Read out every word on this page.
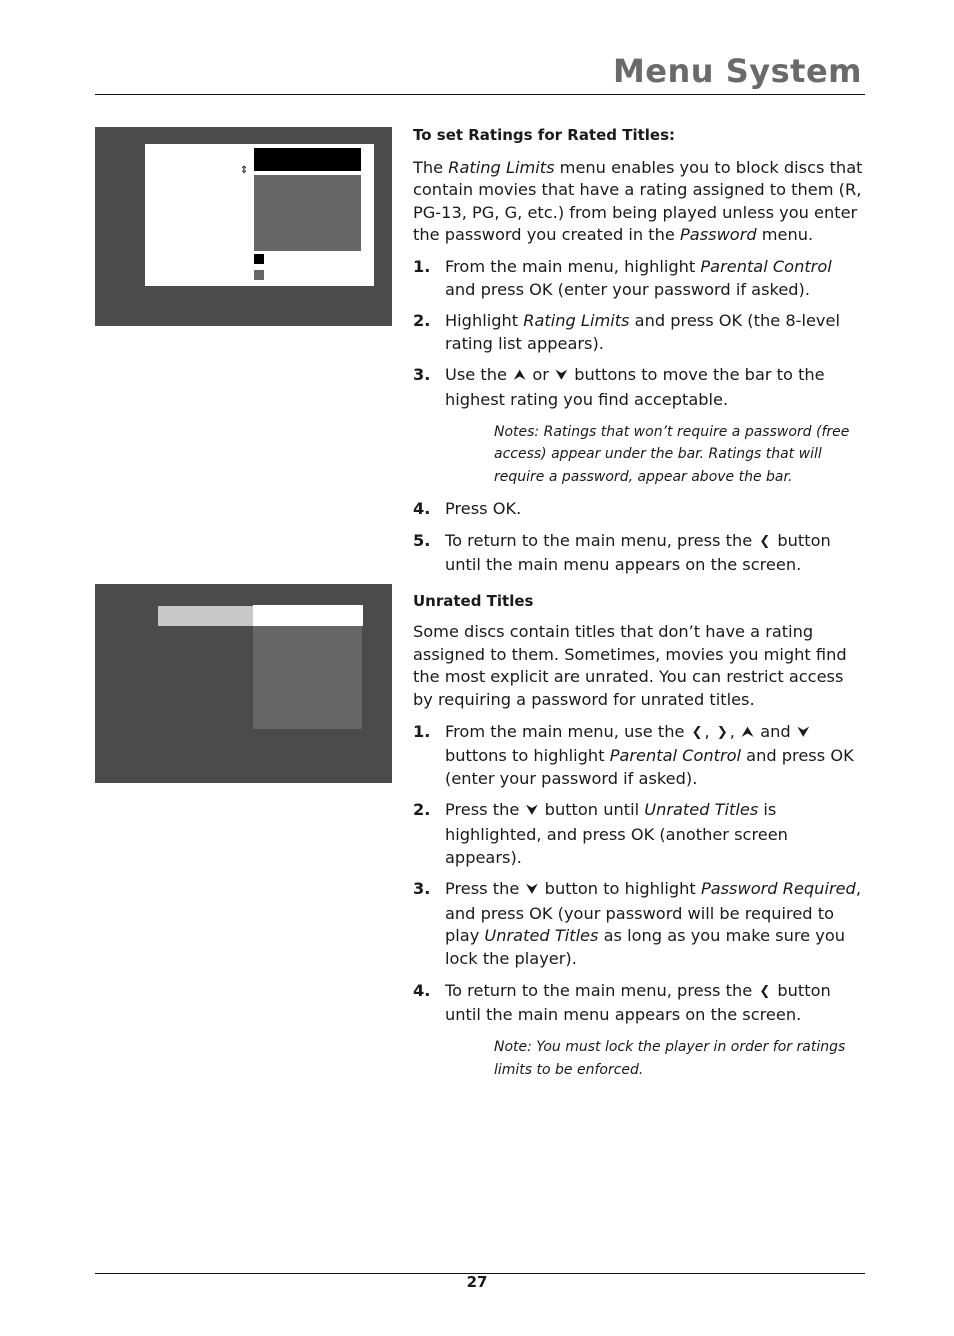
Menu System
⇕
To set Ratings for Rated Titles:

The Rating Limits menu enables you to block discs that contain movies that have a rating assigned to them (R, PG-13, PG, G, etc.) from being played unless you enter the password you created in the Password menu.

1. From the main menu, highlight Parental Control and press OK (enter your password if asked).
2. Highlight Rating Limits and press OK (the 8-level rating list appears).
3. Use the ⮝ or ⮟ buttons to move the bar to the highest rating you find acceptable.
Notes: Ratings that won’t require a password (free access) appear under the bar. Ratings that will require a password, appear above the bar.
4. Press OK.
5. To return to the main menu, press the ❮ button until the main menu appears on the screen.
Unrated Titles

Some discs contain titles that don’t have a rating assigned to them. Sometimes, movies you might find the most explicit are unrated. You can restrict access by requiring a password for unrated titles.

1. From the main menu, use the ❮ , ❯ , ⮝ and ⮟ buttons to highlight Parental Control and press OK (enter your password if asked).
2. Press the ⮟ button until Unrated Titles is highlighted, and press OK (another screen appears).
3. Press the ⮟ button to highlight Password Required, and press OK (your password will be required to play Unrated Titles as long as you make sure you lock the player).
4. To return to the main menu, press the ❮ button until the main menu appears on the screen.
Note: You must lock the player in order for ratings limits to be enforced.
27
